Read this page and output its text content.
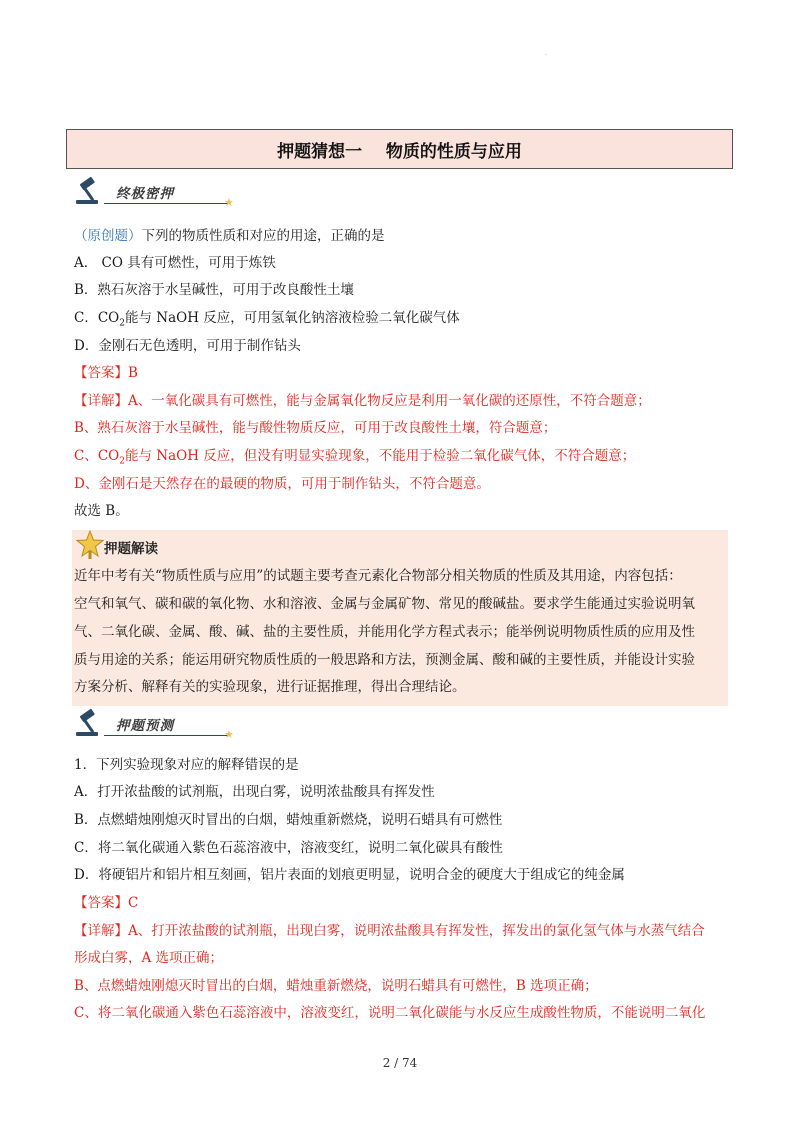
.
押题猜想一    物质的性质与应用
终极密押
★
（原创题）下列的物质性质和对应的用途，正确的是
A． CO 具有可燃性，可用于炼铁
B．熟石灰溶于水呈碱性，可用于改良酸性土壤
C．$CO_2$能与 NaOH 反应，可用氢氧化钠溶液检验二氧化碳气体
D．金刚石无色透明，可用于制作钻头
【答案】B
【详解】A、一氧化碳具有可燃性，能与金属氧化物反应是利用一氧化碳的还原性，不符合题意；
B、熟石灰溶于水呈碱性，能与酸性物质反应，可用于改良酸性土壤，符合题意；
C、$CO_2$能与 NaOH 反应，但没有明显实验现象，不能用于检验二氧化碳气体，不符合题意；
D、金刚石是天然存在的最硬的物质，可用于制作钻头，不符合题意。
故选 B。
押题解读
近年中考有关“物质性质与应用”的试题主要考查元素化合物部分相关物质的性质及其用途，内容包括：
空气和氧气、碳和碳的氧化物、水和溶液、金属与金属矿物、常见的酸碱盐。要求学生能通过实验说明氧
气、二氧化碳、金属、酸、碱、盐的主要性质，并能用化学方程式表示；能举例说明物质性质的应用及性
质与用途的关系；能运用研究物质性质的一般思路和方法，预测金属、酸和碱的主要性质，并能设计实验
方案分析、解释有关的实验现象，进行证据推理，得出合理结论。
押题预测
★
1．下列实验现象对应的解释错误的是
A．打开浓盐酸的试剂瓶，出现白雾，说明浓盐酸具有挥发性
B．点燃蜡烛刚熄灭时冒出的白烟，蜡烛重新燃烧，说明石蜡具有可燃性
C．将二氧化碳通入紫色石蕊溶液中，溶液变红，说明二氧化碳具有酸性
D．将硬铝片和铝片相互刻画，铝片表面的划痕更明显，说明合金的硬度大于组成它的纯金属
【答案】C
【详解】A、打开浓盐酸的试剂瓶，出现白雾，说明浓盐酸具有挥发性，挥发出的氯化氢气体与水蒸气结合
形成白雾，A 选项正确；
B、点燃蜡烛刚熄灭时冒出的白烟，蜡烛重新燃烧，说明石蜡具有可燃性，B 选项正确；
C、将二氧化碳通入紫色石蕊溶液中，溶液变红，说明二氧化碳能与水反应生成酸性物质，不能说明二氧化
2 / 74
